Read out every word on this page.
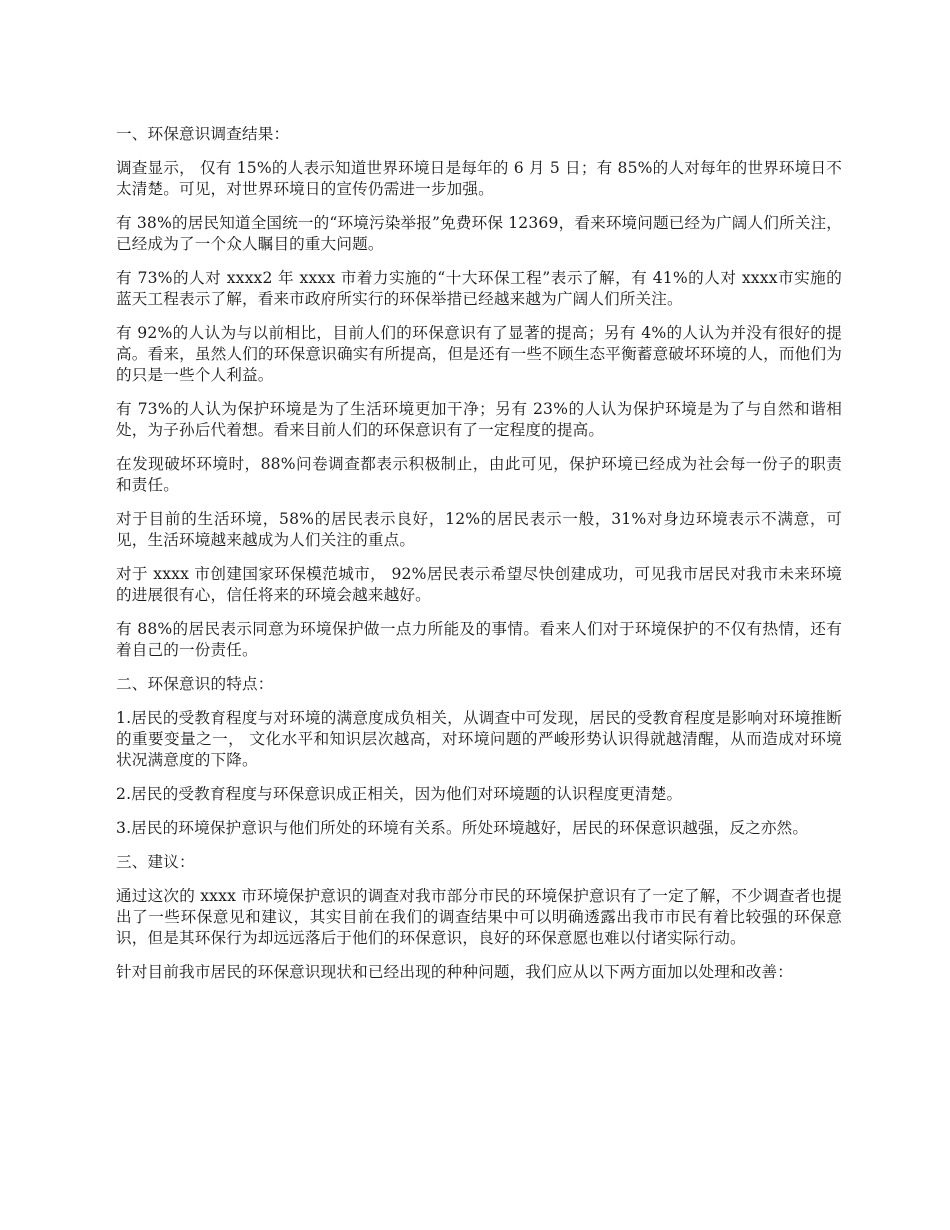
一、环保意识调查结果：

调查显示， 仅有 15%的人表示知道世界环境日是每年的 6 月 5 日；有 85%的人对每年的世界环境日不太清楚。可见，对世界环境日的宣传仍需进一步加强。

有 38%的居民知道全国统一的“环境污染举报”免费环保 12369，看来环境问题已经为广阔人们所关注，已经成为了一个众人瞩目的重大问题。

有 73%的人对 xxxx2 年 xxxx 市着力实施的“十大环保工程”表示了解，有 41%的人对 xxxx市实施的蓝天工程表示了解，看来市政府所实行的环保举措已经越来越为广阔人们所关注。

有 92%的人认为与以前相比，目前人们的环保意识有了显著的提高；另有 4%的人认为并没有很好的提高。看来，虽然人们的环保意识确实有所提高，但是还有一些不顾生态平衡蓄意破坏环境的人，而他们为的只是一些个人利益。

有 73%的人认为保护环境是为了生活环境更加干净；另有 23%的人认为保护环境是为了与自然和谐相处，为子孙后代着想。看来目前人们的环保意识有了一定程度的提高。

在发现破坏环境时，88%问卷调查都表示积极制止，由此可见，保护环境已经成为社会每一份子的职责和责任。

对于目前的生活环境，58%的居民表示良好，12%的居民表示一般，31%对身边环境表示不满意，可见，生活环境越来越成为人们关注的重点。

对于 xxxx 市创建国家环保模范城市， 92%居民表示希望尽快创建成功，可见我市居民对我市未来环境的进展很有心，信任将来的环境会越来越好。

有 88%的居民表示同意为环境保护做一点力所能及的事情。看来人们对于环境保护的不仅有热情，还有着自己的一份责任。

二、环保意识的特点：

1.居民的受教育程度与对环境的满意度成负相关，从调查中可发现，居民的受教育程度是影响对环境推断的重要变量之一， 文化水平和知识层次越高，对环境问题的严峻形势认识得就越清醒，从而造成对环境状况满意度的下降。

2.居民的受教育程度与环保意识成正相关，因为他们对环境题的认识程度更清楚。

3.居民的环境保护意识与他们所处的环境有关系。所处环境越好，居民的环保意识越强，反之亦然。

三、建议：

通过这次的 xxxx 市环境保护意识的调查对我市部分市民的环境保护意识有了一定了解，不少调查者也提出了一些环保意见和建议，其实目前在我们的调查结果中可以明确透露出我市市民有着比较强的环保意识，但是其环保行为却远远落后于他们的环保意识，良好的环保意愿也难以付诸实际行动。

针对目前我市居民的环保意识现状和已经出现的种种问题，我们应从以下两方面加以处理和改善：
